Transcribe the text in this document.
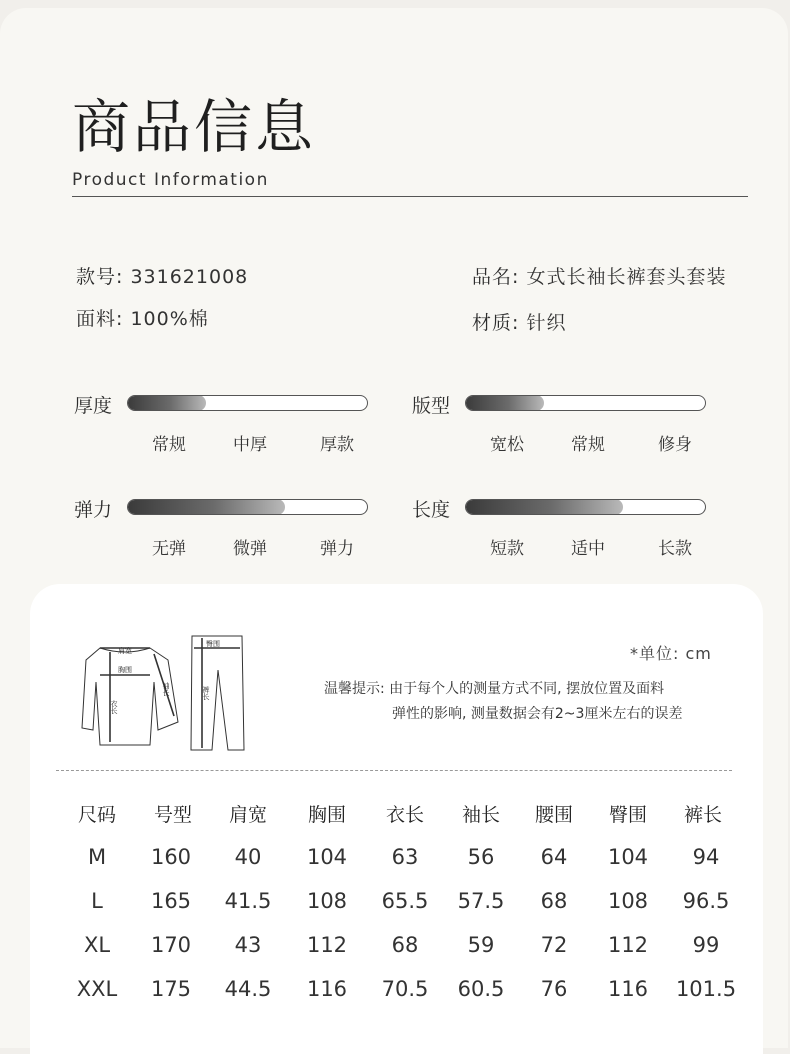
商品信息
Product Information
款号: 331621008	品名: 女式长袖长裤套头套装
面料: 100%棉	材质: 针织
厚度
常规	中厚	厚款
版型
宽松	常规	修身
弹力
无弹	微弹	弹力
长度
短款	适中	长款
肩宽
胸围
衣长
袖长
臀围
裤长
*单位: cm
温馨提示: 由于每个人的测量方式不同, 摆放位置及面料
弹性的影响, 测量数据会有2~3厘米左右的误差
尺码	号型	肩宽	胸围	衣长	袖长	腰围	臀围	裤长
M	160	40	104	63	56	64	104	94
L	165	41.5	108	65.5	57.5	68	108	96.5
XL	170	43	112	68	59	72	112	99
XXL	175	44.5	116	70.5	60.5	76	116	101.5
